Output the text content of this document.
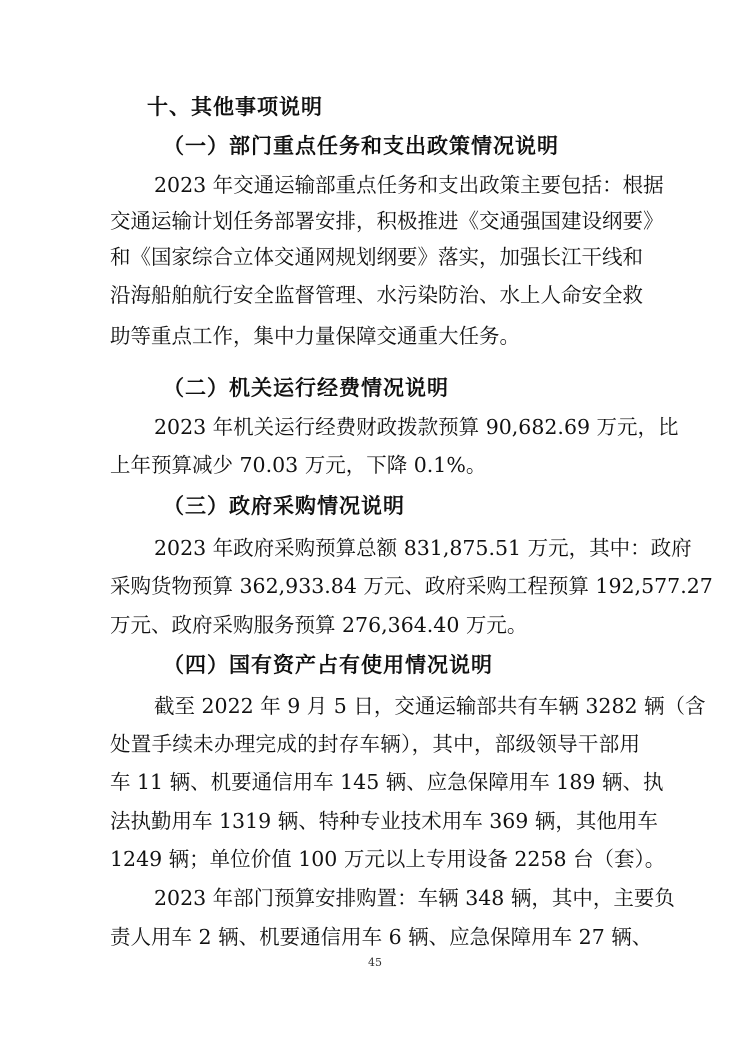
十、其他事项说明
（一）部门重点任务和支出政策情况说明
2023 年交通运输部重点任务和支出政策主要包括：根据
交通运输计划任务部署安排，积极推进《交通强国建设纲要》
和《国家综合立体交通网规划纲要》落实，加强长江干线和
沿海船舶航行安全监督管理、水污染防治、水上人命安全救
助等重点工作，集中力量保障交通重大任务。
（二）机关运行经费情况说明
2023 年机关运行经费财政拨款预算 90,682.69 万元，比
上年预算减少 70.03 万元，下降 0.1%。
（三）政府采购情况说明
2023 年政府采购预算总额 831,875.51 万元，其中：政府
采购货物预算 362,933.84 万元、政府采购工程预算 192,577.27
万元、政府采购服务预算 276,364.40 万元。
（四）国有资产占有使用情况说明
截至 2022 年 9 月 5 日，交通运输部共有车辆 3282 辆（含
处置手续未办理完成的封存车辆），其中，部级领导干部用
车 11 辆、机要通信用车 145 辆、应急保障用车 189 辆、执
法执勤用车 1319 辆、特种专业技术用车 369 辆，其他用车
1249 辆；单位价值 100 万元以上专用设备 2258 台（套）。
2023 年部门预算安排购置：车辆 348 辆，其中，主要负
责人用车 2 辆、机要通信用车 6 辆、应急保障用车 27 辆、
45
